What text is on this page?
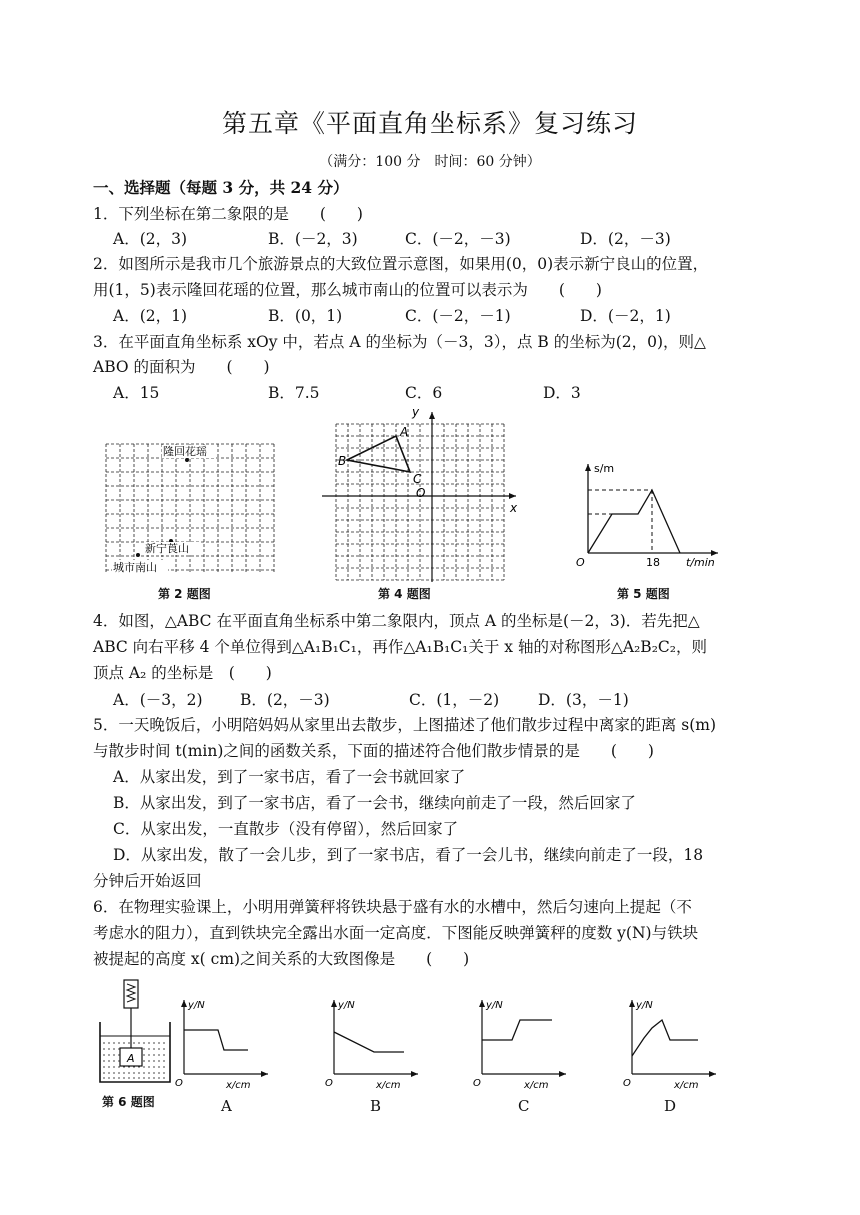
第五章《平面直角坐标系》复习练习
（满分：100 分　时间：60 分钟）
一、选择题（每题 3 分，共 24 分）
1．下列坐标在第二象限的是　　(　　)
A．(2，3)	B．(－2，3)	C．(－2，－3)	D．(2，－3)
2．如图所示是我市几个旅游景点的大致位置示意图，如果用(0，0)表示新宁良山的位置，
用(1，5)表示隆回花瑶的位置，那么城市南山的位置可以表示为　　(　　)
A．(2，1)	B．(0，1)	C．(－2，－1)	D．(－2，1)
3．在平面直角坐标系 xOy 中，若点 A 的坐标为（－3，3），点 B 的坐标为(2，0)，则△
ABO 的面积为　　(　　)
A．15	B．7.5	C．6	D．3
隆回花瑶
新宁莨山
城市南山
第 2 题图
y
x
A
B
C
O
第 4 题图
s/m
t/min
O	18
第 5 题图
4．如图，△ABC 在平面直角坐标系中第二象限内，顶点 A 的坐标是(－2，3)．若先把△
ABC 向右平移 4 个单位得到△A₁B₁C₁，再作△A₁B₁C₁关于 x 轴的对称图形△A₂B₂C₂，则
顶点 A₂ 的坐标是　(　　)
A．(－3，2) B．(2，－3)	C．(1，－2)	D．(3，－1)
5．一天晚饭后，小明陪妈妈从家里出去散步，上图描述了他们散步过程中离家的距离 s(m)
与散步时间 t(min)之间的函数关系，下面的描述符合他们散步情景的是　　(　　)
A．从家出发，到了一家书店，看了一会书就回家了
B．从家出发，到了一家书店，看了一会书，继续向前走了一段，然后回家了
C．从家出发，一直散步（没有停留），然后回家了
D．从家出发，散了一会儿步，到了一家书店，看了一会儿书，继续向前走了一段，18
分钟后开始返回
6．在物理实验课上，小明用弹簧秤将铁块悬于盛有水的水槽中，然后匀速向上提起（不
考虑水的阻力），直到铁块完全露出水面一定高度．下图能反映弹簧秤的度数 y(N)与铁块
被提起的高度 x( cm)之间关系的大致图像是　　(　　)
A
第 6 题图
y/N
x/cm
O
A
y/N
x/cm
O
B
y/N
x/cm
O
C
y/N
x/cm
O
D
